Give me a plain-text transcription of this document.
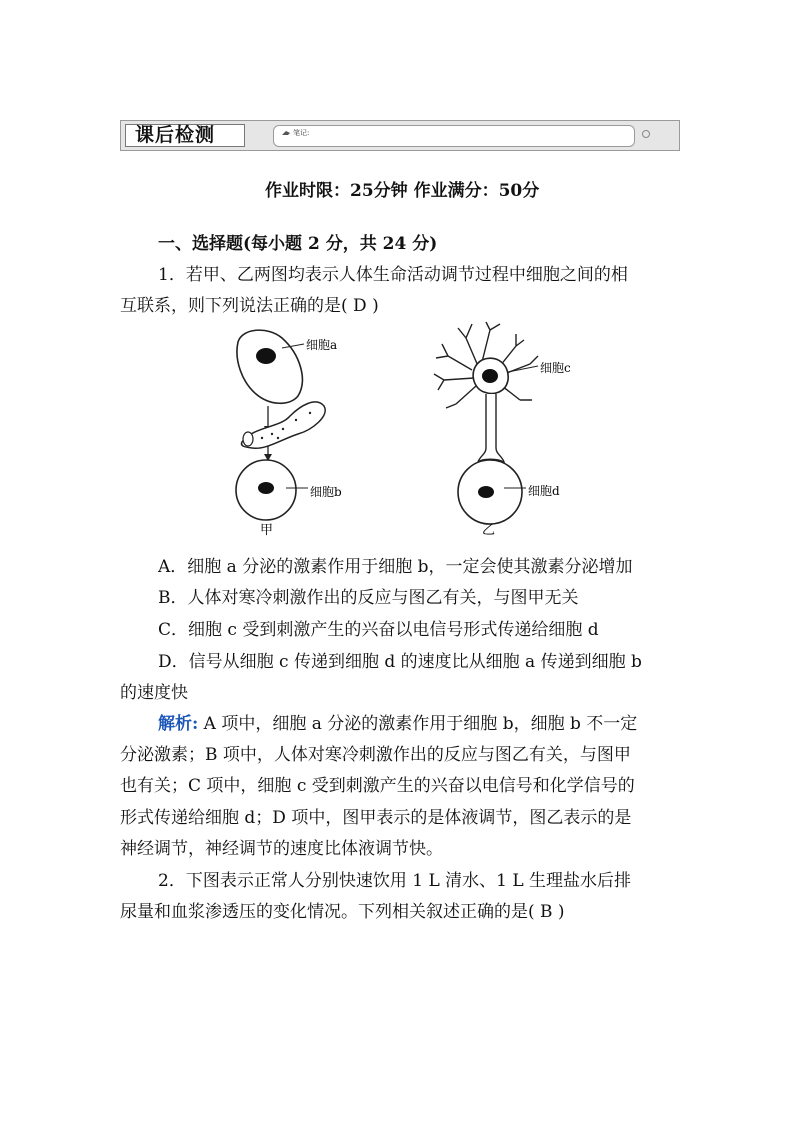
课后检测	笔记:
作业时限：25分钟 作业满分：50分
一、选择题(每小题 2 分，共 24 分)
1．若甲、乙两图均表示人体生命活动调节过程中细胞之间的相
互联系，则下列说法正确的是( D )
细胞a
细胞b
甲
细胞c
细胞d
乙
A．细胞 a 分泌的激素作用于细胞 b，一定会使其激素分泌增加
B．人体对寒冷刺激作出的反应与图乙有关，与图甲无关
C．细胞 c 受到刺激产生的兴奋以电信号形式传递给细胞 d
D．信号从细胞 c 传递到细胞 d 的速度比从细胞 a 传递到细胞 b
的速度快
解析: A 项中，细胞 a 分泌的激素作用于细胞 b，细胞 b 不一定
分泌激素；B 项中，人体对寒冷刺激作出的反应与图乙有关，与图甲
也有关；C 项中，细胞 c 受到刺激产生的兴奋以电信号和化学信号的
形式传递给细胞 d；D 项中，图甲表示的是体液调节，图乙表示的是
神经调节，神经调节的速度比体液调节快。
2．下图表示正常人分别快速饮用 1 L 清水、1 L 生理盐水后排
尿量和血浆渗透压的变化情况。下列相关叙述正确的是( B )
